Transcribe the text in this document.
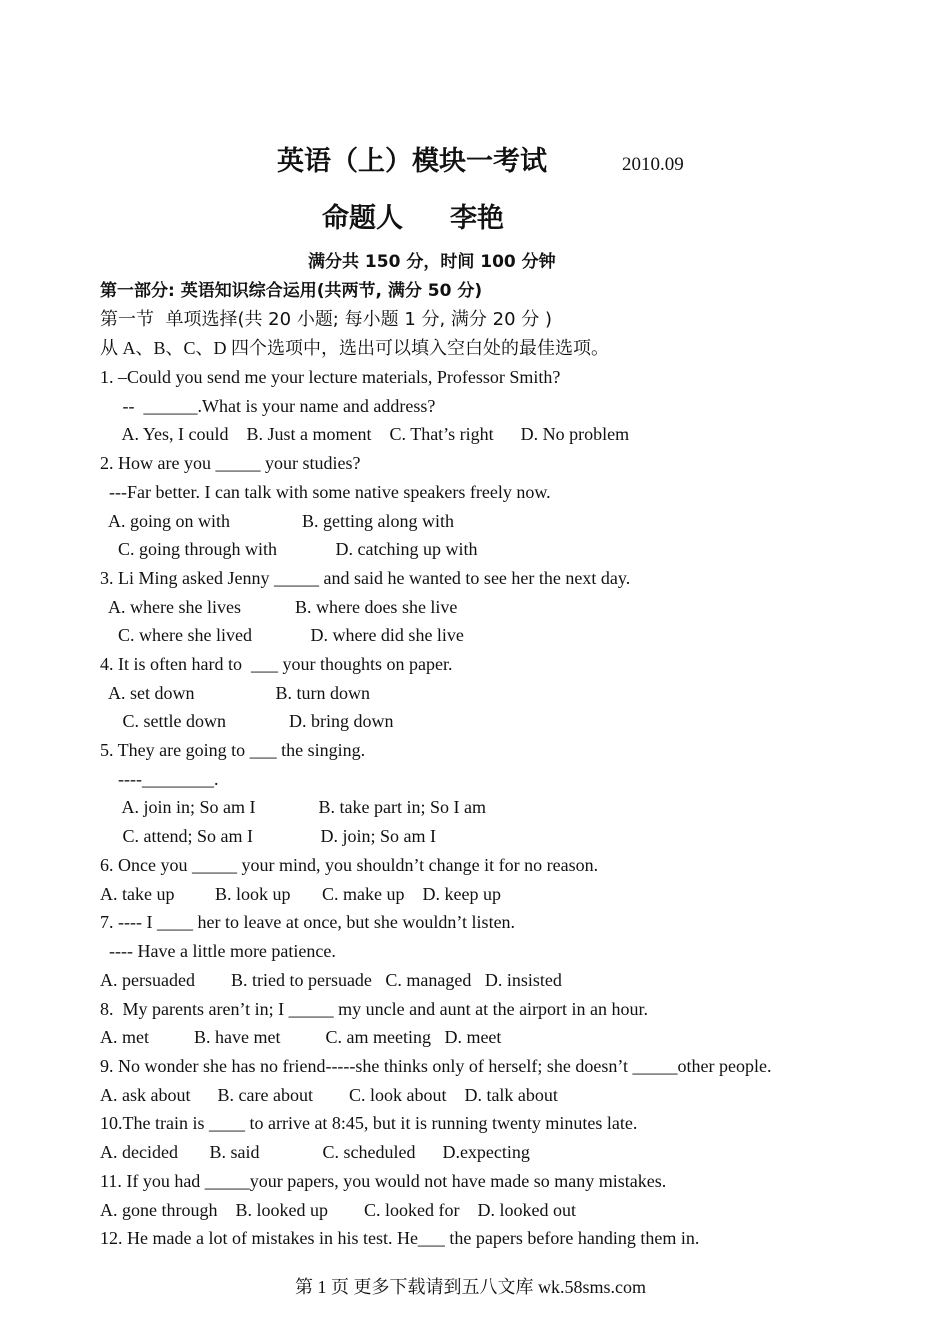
英语（上）模块一考试	2010.09
命题人     李艳
满分共 150 分，时间 100 分钟
第一部分: 英语知识综合运用(共两节, 满分 50 分)
第一节  单项选择(共 20 小题; 每小题 1 分, 满分 20 分 )
从 A、B、C、D 四个选项中，选出可以填入空白处的最佳选项。
1. –Could you send me your lecture materials, Professor Smith?
--  ______.What is your name and address?
A. Yes, I could    B. Just a moment    C. That’s right      D. No problem
2. How are you _____ your studies?
---Far better. I can talk with some native speakers freely now.
A. going on with                B. getting along with
C. going through with             D. catching up with
3. Li Ming asked Jenny _____ and said he wanted to see her the next day.
A. where she lives            B. where does she live
C. where she lived             D. where did she live
4. It is often hard to  ___ your thoughts on paper.
A. set down                  B. turn down
C. settle down              D. bring down
5. They are going to ___ the singing.
----________.
A. join in; So am I              B. take part in; So I am
C. attend; So am I               D. join; So am I
6. Once you _____ your mind, you shouldn’t change it for no reason.
A. take up         B. look up       C. make up    D. keep up
7. ---- I ____ her to leave at once, but she wouldn’t listen.
---- Have a little more patience.
A. persuaded        B. tried to persuade   C. managed   D. insisted
8.  My parents aren’t in; I _____ my uncle and aunt at the airport in an hour.
A. met          B. have met          C. am meeting   D. meet
9. No wonder she has no friend-----she thinks only of herself; she doesn’t _____other people.
A. ask about      B. care about        C. look about    D. talk about
10.The train is ____ to arrive at 8:45, but it is running twenty minutes late.
A. decided       B. said              C. scheduled      D.expecting
11. If you had _____your papers, you would not have made so many mistakes.
A. gone through    B. looked up        C. looked for    D. looked out
12. He made a lot of mistakes in his test. He___ the papers before handing them in.
第 1 页 更多下载请到五八文库 wk.58sms.com
